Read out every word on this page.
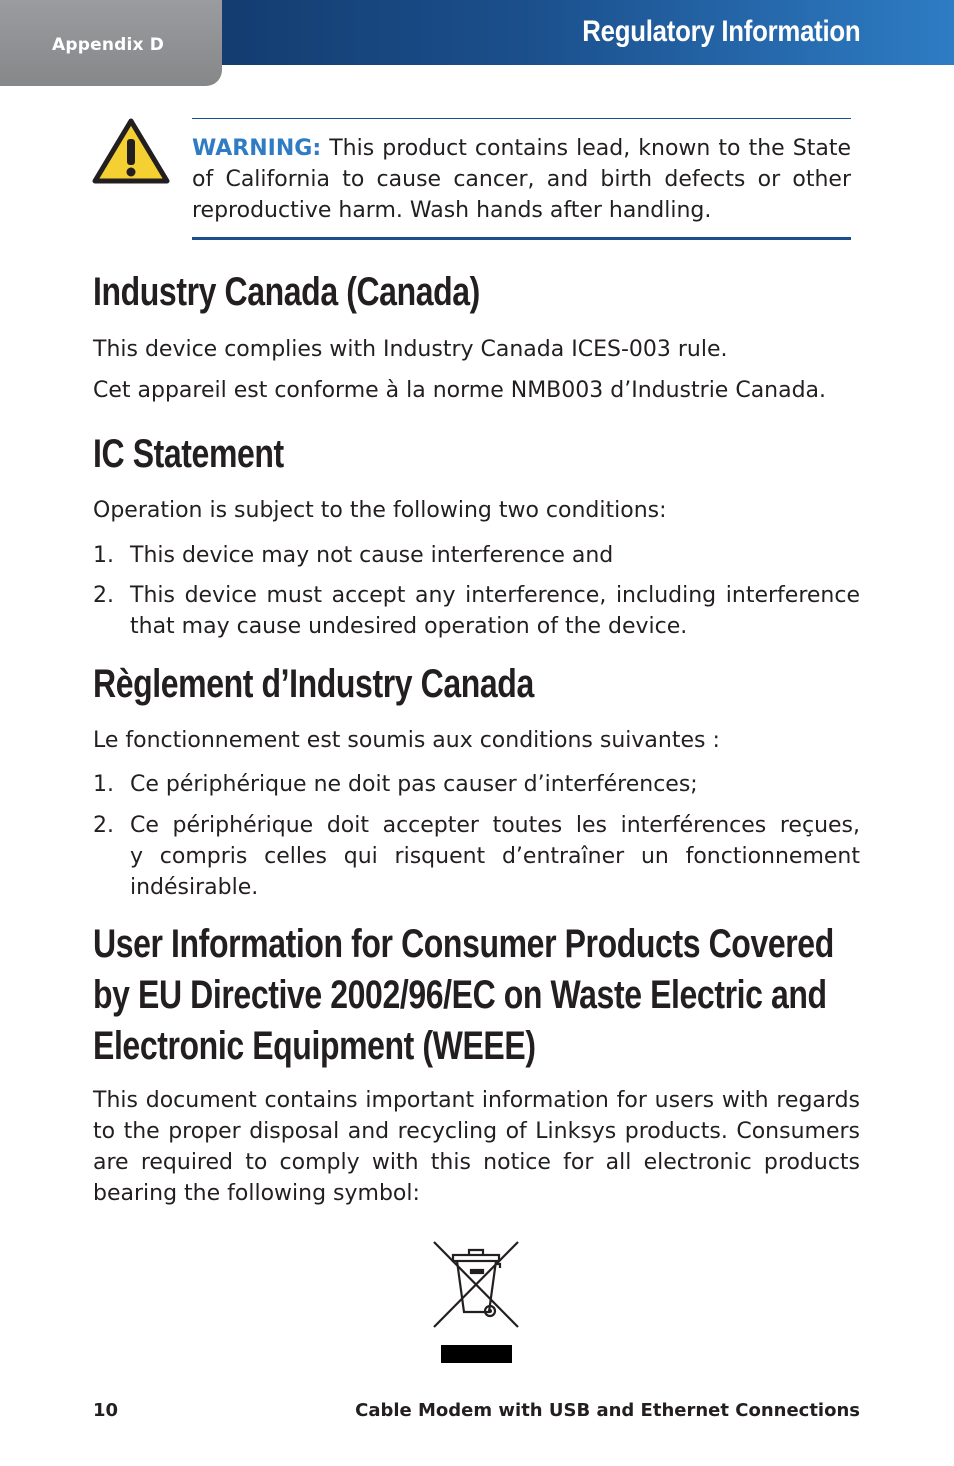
Appendix D	Regulatory Information
WARNING: This product contains lead, known to the State of California to cause cancer, and birth defects or other reproductive harm. Wash hands after handling.
Industry Canada (Canada)

This device complies with Industry Canada ICES-003 rule.

Cet appareil est conforme à la norme NMB003 d’Industrie Canada.

IC Statement

Operation is subject to the following two conditions:

1. This device may not cause interference and
2. This device must accept any interference, including interference that may cause undesired operation of the device.
Règlement d’Industry Canada

Le fonctionnement est soumis aux conditions suivantes :

1. Ce périphérique ne doit pas causer d’interférences;
2. Ce périphérique doit accepter toutes les interférences reçues,
y compris celles qui risquent d’entraîner un fonctionnement
indésirable.
User Information for Consumer Products Covered
by EU Directive 2002/96/EC on Waste Electric and
Electronic Equipment (WEEE)

This document contains important information for users with regards to the proper disposal and recycling of Linksys products. Consumers are required to comply with this notice for all electronic products bearing the following symbol:

10	Cable Modem with USB and Ethernet Connections
